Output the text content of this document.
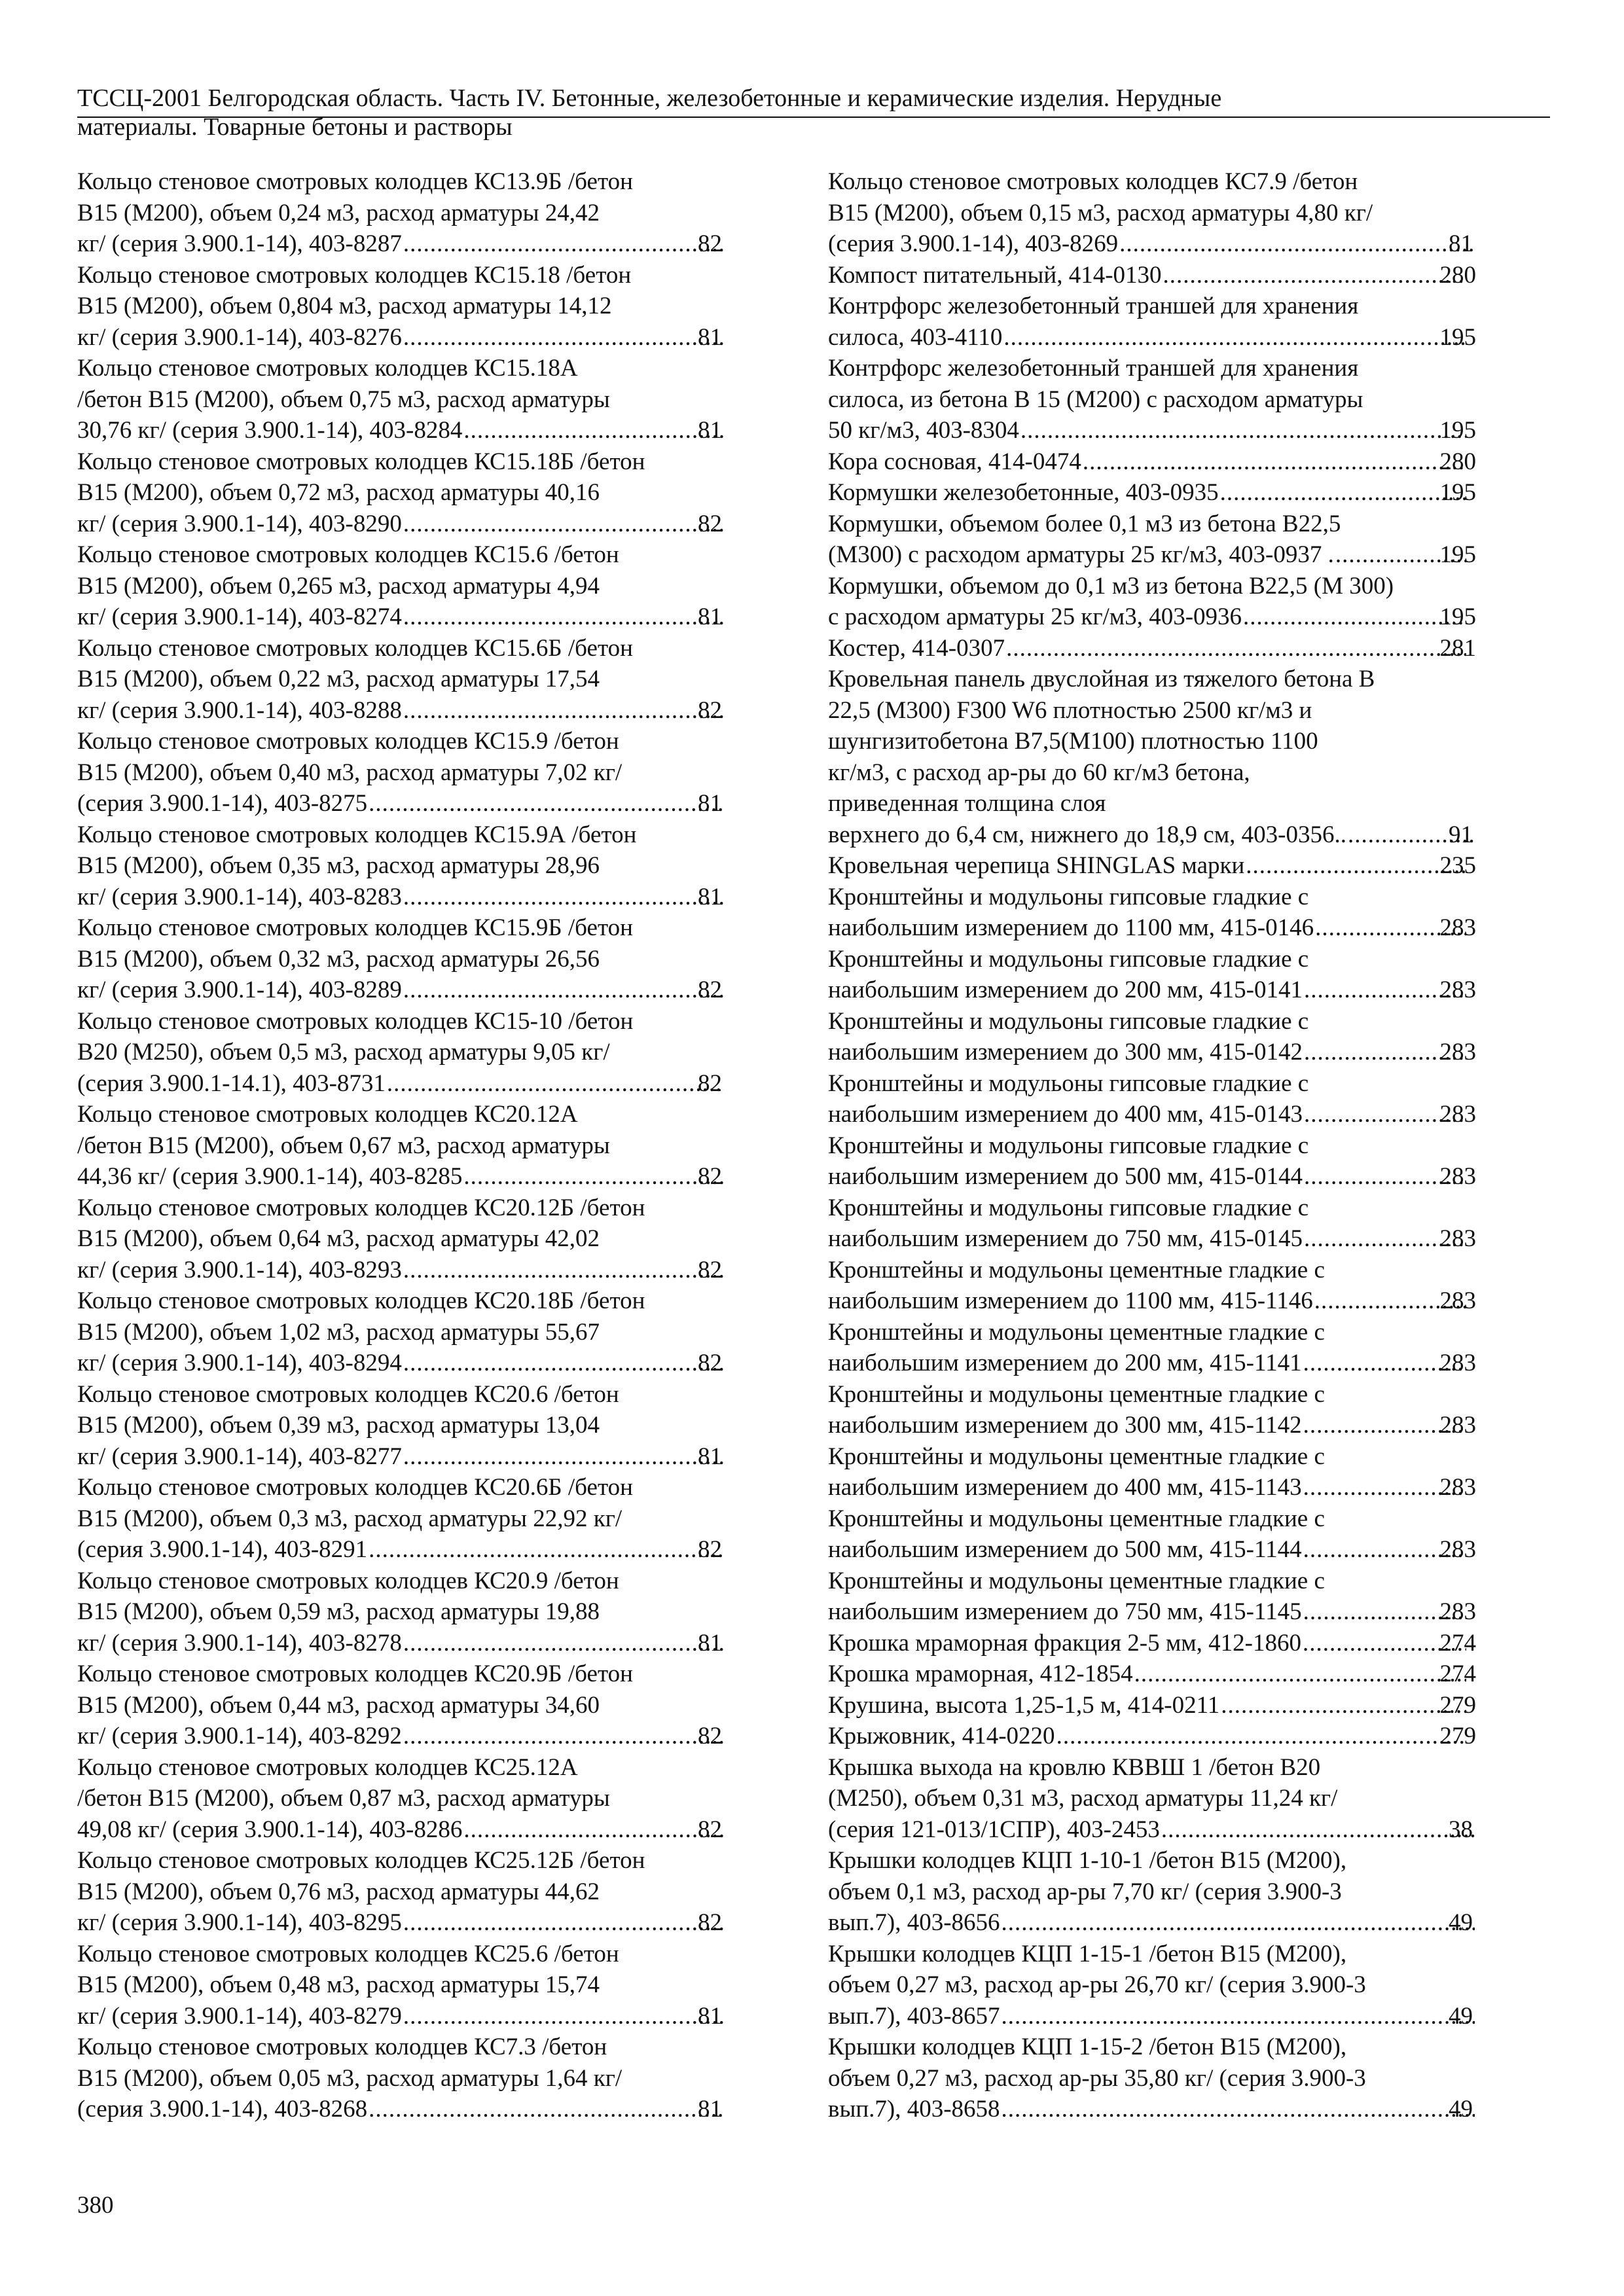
ТССЦ-2001 Белгородская область. Часть IV. Бетонные, железобетонные и керамические изделия. Нерудные
материалы. Товарные бетоны и растворы
Кольцо стеновое смотровых колодцев КС13.9Б /бетон
B15 (M200), объем 0,24 м3, расход арматуры 24,42
кг/ (серия 3.900.1-14), 403-8287 .....	82
Кольцо стеновое смотровых колодцев КС15.18 /бетон
B15 (M200), объем 0,804 м3, расход арматуры 14,12
кг/ (серия 3.900.1-14), 403-8276 .....	81
Кольцо стеновое смотровых колодцев КС15.18А
/бетон B15 (M200), объем 0,75 м3, расход арматуры
30,76 кг/ (серия 3.900.1-14), 403-8284 .....	81
Кольцо стеновое смотровых колодцев КС15.18Б /бетон
B15 (M200), объем 0,72 м3, расход арматуры 40,16
кг/ (серия 3.900.1-14), 403-8290 .....	82
Кольцо стеновое смотровых колодцев КС15.6 /бетон
B15 (M200), объем 0,265 м3, расход арматуры 4,94
кг/ (серия 3.900.1-14), 403-8274 .....	81
Кольцо стеновое смотровых колодцев КС15.6Б /бетон
B15 (M200), объем 0,22 м3, расход арматуры 17,54
кг/ (серия 3.900.1-14), 403-8288 .....	82
Кольцо стеновое смотровых колодцев КС15.9 /бетон
B15 (M200), объем 0,40 м3, расход арматуры 7,02 кг/
(серия 3.900.1-14), 403-8275 .....	81
Кольцо стеновое смотровых колодцев КС15.9А /бетон
B15 (M200), объем 0,35 м3, расход арматуры 28,96
кг/ (серия 3.900.1-14), 403-8283 .....	81
Кольцо стеновое смотровых колодцев КС15.9Б /бетон
B15 (M200), объем 0,32 м3, расход арматуры 26,56
кг/ (серия 3.900.1-14), 403-8289 .....	82
Кольцо стеновое смотровых колодцев КС15-10 /бетон
B20 (M250), объем 0,5 м3, расход арматуры 9,05 кг/
(серия 3.900.1-14.1), 403-8731 .....	82
Кольцо стеновое смотровых колодцев КС20.12А
/бетон B15 (M200), объем 0,67 м3, расход арматуры
44,36 кг/ (серия 3.900.1-14), 403-8285 .....	82
Кольцо стеновое смотровых колодцев КС20.12Б /бетон
B15 (M200), объем 0,64 м3, расход арматуры 42,02
кг/ (серия 3.900.1-14), 403-8293 .....	82
Кольцо стеновое смотровых колодцев КС20.18Б /бетон
B15 (M200), объем 1,02 м3, расход арматуры 55,67
кг/ (серия 3.900.1-14), 403-8294 .....	82
Кольцо стеновое смотровых колодцев КС20.6 /бетон
B15 (M200), объем 0,39 м3, расход арматуры 13,04
кг/ (серия 3.900.1-14), 403-8277 .....	81
Кольцо стеновое смотровых колодцев КС20.6Б /бетон
B15 (M200), объем 0,3 м3, расход арматуры 22,92 кг/
(серия 3.900.1-14), 403-8291 .....	82
Кольцо стеновое смотровых колодцев КС20.9 /бетон
B15 (M200), объем 0,59 м3, расход арматуры 19,88
кг/ (серия 3.900.1-14), 403-8278 .....	81
Кольцо стеновое смотровых колодцев КС20.9Б /бетон
B15 (M200), объем 0,44 м3, расход арматуры 34,60
кг/ (серия 3.900.1-14), 403-8292 .....	82
Кольцо стеновое смотровых колодцев КС25.12А
/бетон B15 (M200), объем 0,87 м3, расход арматуры
49,08 кг/ (серия 3.900.1-14), 403-8286 .....	82
Кольцо стеновое смотровых колодцев КС25.12Б /бетон
B15 (M200), объем 0,76 м3, расход арматуры 44,62
кг/ (серия 3.900.1-14), 403-8295 .....	82
Кольцо стеновое смотровых колодцев КС25.6 /бетон
B15 (M200), объем 0,48 м3, расход арматуры 15,74
кг/ (серия 3.900.1-14), 403-8279 .....	81
Кольцо стеновое смотровых колодцев КС7.3 /бетон
B15 (M200), объем 0,05 м3, расход арматуры 1,64 кг/
(серия 3.900.1-14), 403-8268 .....	81
Кольцо стеновое смотровых колодцев КС7.9 /бетон
B15 (M200), объем 0,15 м3, расход арматуры 4,80 кг/
(серия 3.900.1-14), 403-8269 .....	81
Компост питательный, 414-0130 .....	280
Контрфорс железобетонный траншей для хранения
силоса, 403-4110 .....	195
Контрфорс железобетонный траншей для хранения
силоса, из бетона В 15 (М200) с расходом арматуры
50 кг/м3, 403-8304 .....	195
Кора сосновая, 414-0474 .....	280
Кормушки железобетонные, 403-0935 .....	195
Кормушки, объемом более 0,1 м3 из бетона В22,5
(М300) с расходом арматуры 25 кг/м3, 403-0937 . .....	195
Кормушки, объемом до 0,1 м3 из бетона В22,5 (М 300)
с расходом арматуры 25 кг/м3, 403-0936 .....	195
Костер, 414-0307 .....	281
Кровельная панель двуслойная из тяжелого бетона В
22,5 (М300) F300 W6 плотностью 2500 кг/м3 и
шунгизитобетона В7,5(М100) плотностью 1100
кг/м3, с расход ар-ры до 60 кг/м3 бетона,
приведенная толщина слоя
верхнего до 6,4 см, нижнего до 18,9 см, 403-0356.. .....	91
Кровельная черепица SHINGLAS марки .....	235
Кронштейны и модульоны гипсовые гладкие с
наибольшим измерением до 1100 мм, 415-0146 .....	283
Кронштейны и модульоны гипсовые гладкие с
наибольшим измерением до 200 мм, 415-0141 .....	283
Кронштейны и модульоны гипсовые гладкие с
наибольшим измерением до 300 мм, 415-0142 .....	283
Кронштейны и модульоны гипсовые гладкие с
наибольшим измерением до 400 мм, 415-0143 .....	283
Кронштейны и модульоны гипсовые гладкие с
наибольшим измерением до 500 мм, 415-0144 .....	283
Кронштейны и модульоны гипсовые гладкие с
наибольшим измерением до 750 мм, 415-0145 .....	283
Кронштейны и модульоны цементные гладкие с
наибольшим измерением до 1100 мм, 415-1146 .....	283
Кронштейны и модульоны цементные гладкие с
наибольшим измерением до 200 мм, 415-1141 .....	283
Кронштейны и модульоны цементные гладкие с
наибольшим измерением до 300 мм, 415-1142 .....	283
Кронштейны и модульоны цементные гладкие с
наибольшим измерением до 400 мм, 415-1143 .....	283
Кронштейны и модульоны цементные гладкие с
наибольшим измерением до 500 мм, 415-1144 .....	283
Кронштейны и модульоны цементные гладкие с
наибольшим измерением до 750 мм, 415-1145 .....	283
Крошка мраморная фракция 2-5 мм, 412-1860 .....	274
Крошка мраморная, 412-1854 .....	274
Крушина, высота 1,25-1,5 м, 414-0211 .....	279
Крыжовник, 414-0220 .....	279
Крышка выхода на кровлю КВВШ 1 /бетон В20
(M250), объем 0,31 м3, расход арматуры 11,24 кг/
(серия 121-013/1СПР), 403-2453 .....	38
Крышки колодцев КЦП 1-10-1 /бетон B15 (M200),
объем 0,1 м3, расход ар-ры 7,70 кг/ (серия 3.900-3
вып.7), 403-8656 .....	49
Крышки колодцев КЦП 1-15-1 /бетон B15 (M200),
объем 0,27 м3, расход ар-ры 26,70 кг/ (серия 3.900-3
вып.7), 403-8657 .....	49
Крышки колодцев КЦП 1-15-2 /бетон B15 (M200),
объем 0,27 м3, расход ар-ры 35,80 кг/ (серия 3.900-3
вып.7), 403-8658 .....	49
380
